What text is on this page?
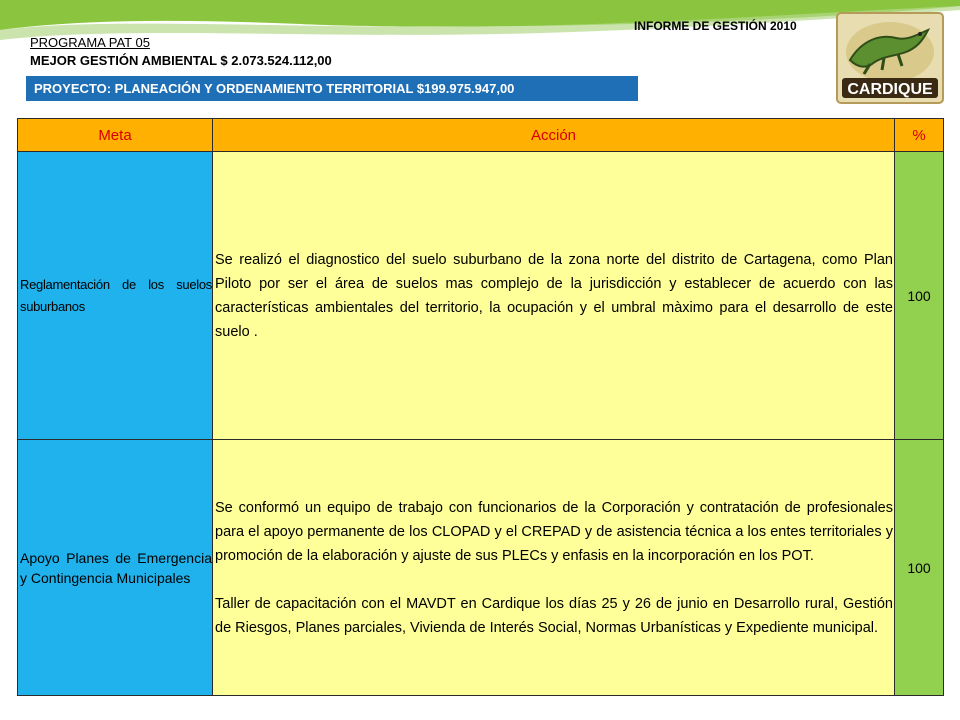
INFORME DE GESTIÓN 2010
PROGRAMA PAT 05
MEJOR GESTIÓN AMBIENTAL $ 2.073.524.112,00
PROYECTO: PLANEACIÓN Y ORDENAMIENTO TERRITORIAL $199.975.947,00	CARDIQUE
Meta	Acción	%

Reglamentación de los suelos suburbanos	Se realizó el diagnostico del suelo suburbano de la zona norte del distrito de Cartagena, como Plan Piloto por ser el área de suelos mas complejo de la jurisdicción y establecer de acuerdo con las características ambientales del territorio, la ocupación y el umbral màximo para el desarrollo de este suelo .	100

Apoyo Planes de Emergencia y Contingencia Municipales	Se conformó un equipo de trabajo con funcionarios de la Corporación y contratación de profesionales para el apoyo permanente de los CLOPAD y el CREPAD y de asistencia técnica a los entes territoriales y promoción de la elaboración y ajuste de sus PLECs y enfasis en la incorporación en los POT.
Taller de capacitación con el MAVDT en Cardique los días 25 y 26 de junio en Desarrollo rural, Gestión de Riesgos, Planes parciales, Vivienda de Interés Social, Normas Urbanísticas y Expediente municipal.	100
